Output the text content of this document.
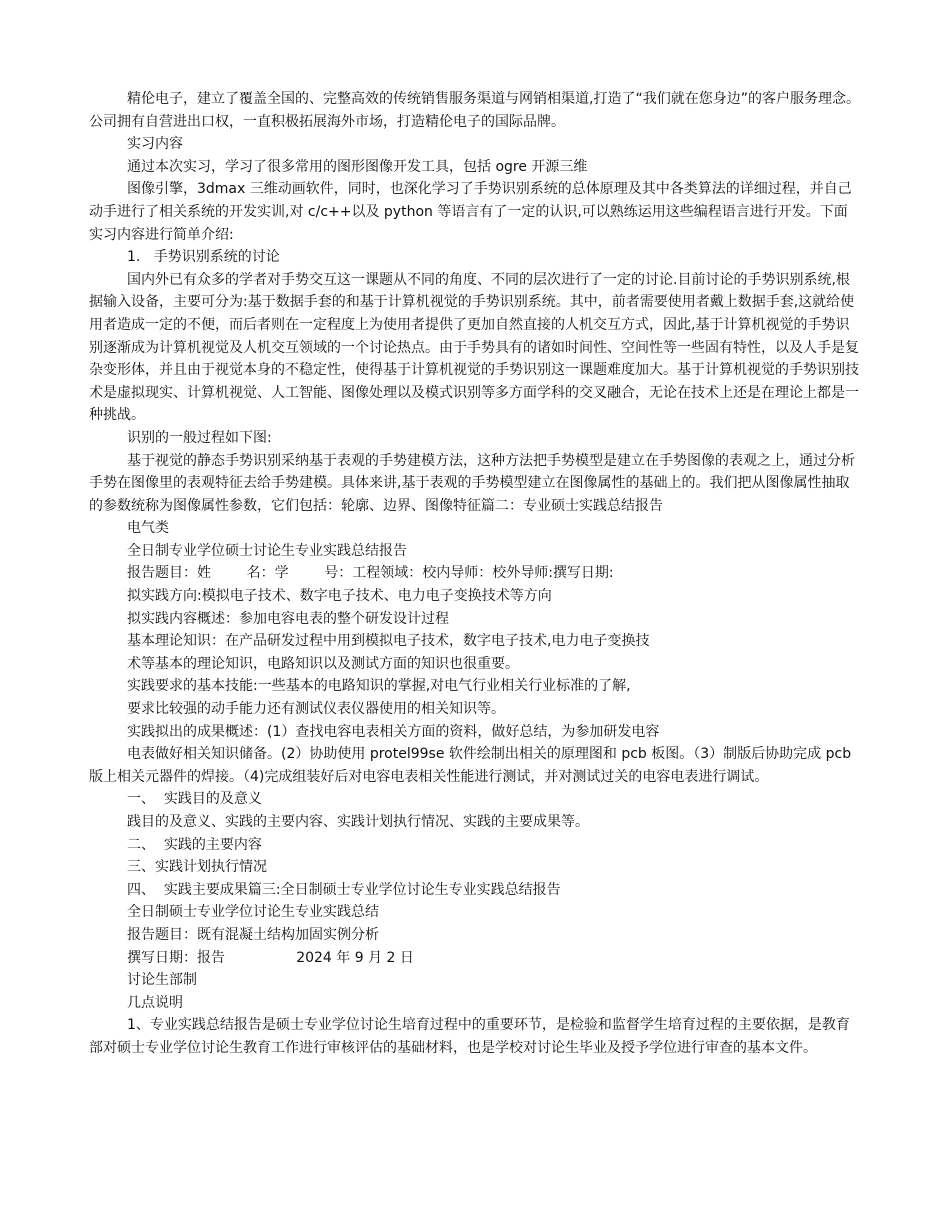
精伦电子，建立了覆盖全国的、完整高效的传统销售服务渠道与网销相渠道,打造了“我们就在您身边”的客户服务理念。公司拥有自营进出口权，一直积极拓展海外市场，打造精伦电子的国际品牌。

实习内容

通过本次实习，学习了很多常用的图形图像开发工具，包括 ogre 开源三维

图像引擎，3dmax 三维动画软件，同时，也深化学习了手势识别系统的总体原理及其中各类算法的详细过程，并自己动手进行了相关系统的开发实训,对 c/c++以及 python 等语言有了一定的认识,可以熟练运用这些编程语言进行开发。下面实习内容进行简单介绍:

1.   手势识别系统的讨论

国内外已有众多的学者对手势交互这一课题从不同的角度、不同的层次进行了一定的讨论.目前讨论的手势识别系统,根据输入设备，主要可分为:基于数据手套的和基于计算机视觉的手势识别系统。其中，前者需要使用者戴上数据手套,这就给使用者造成一定的不便，而后者则在一定程度上为使用者提供了更加自然直接的人机交互方式，因此,基于计算机视觉的手势识别逐渐成为计算机视觉及人机交互领域的一个讨论热点。由于手势具有的诸如时间性、空间性等一些固有特性，以及人手是复杂变形体，并且由于视觉本身的不稳定性，使得基于计算机视觉的手势识别这一课题难度加大。基于计算机视觉的手势识别技术是虚拟现实、计算机视觉、人工智能、图像处理以及模式识别等多方面学科的交叉融合，无论在技术上还是在理论上都是一种挑战。

识别的一般过程如下图:

基于视觉的静态手势识别采纳基于表观的手势建模方法，这种方法把手势模型是建立在手势图像的表观之上，通过分析手势在图像里的表观特征去给手势建模。具体来讲,基于表观的手势模型建立在图像属性的基础上的。我们把从图像属性抽取的参数统称为图像属性参数，它们包括：轮廓、边界、图像特征篇二：专业硕士实践总结报告

电气类

全日制专业学位硕士讨论生专业实践总结报告

报告题目：姓        名：学        号：工程领域：校内导师：校外导师:撰写日期:

拟实践方向:模拟电子技术、数字电子技术、电力电子变换技术等方向

拟实践内容概述：参加电容电表的整个研发设计过程

基本理论知识：在产品研发过程中用到模拟电子技术，数字电子技术,电力电子变换技

术等基本的理论知识，电路知识以及测试方面的知识也很重要。

实践要求的基本技能:一些基本的电路知识的掌握,对电气行业相关行业标准的了解,

要求比较强的动手能力还有测试仪表仪器使用的相关知识等。

实践拟出的成果概述：(1）查找电容电表相关方面的资料，做好总结，为参加研发电容

电表做好相关知识储备。(2）协助使用 protel99se 软件绘制出相关的原理图和 pcb 板图。（3）制版后协助完成 pcb 版上相关元器件的焊接。（4)完成组装好后对电容电表相关性能进行测试，并对测试过关的电容电表进行调试。

一、  实践目的及意义

践目的及意义、实践的主要内容、实践计划执行情况、实践的主要成果等。

二、  实践的主要内容

三、实践计划执行情况

四、  实践主要成果篇三:全日制硕士专业学位讨论生专业实践总结报告

全日制硕士专业学位讨论生专业实践总结

报告题目：既有混凝土结构加固实例分析

撰写日期：报告                2024 年 9 月 2 日

讨论生部制

几点说明

1、专业实践总结报告是硕士专业学位讨论生培育过程中的重要环节，是检验和监督学生培育过程的主要依据，是教育部对硕士专业学位讨论生教育工作进行审核评估的基础材料，也是学校对讨论生毕业及授予学位进行审查的基本文件。
